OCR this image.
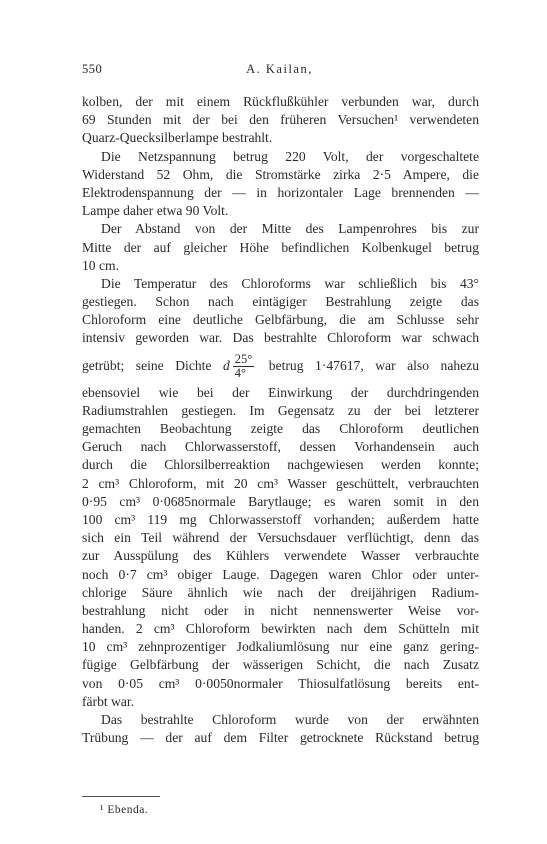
550	A. Kailan,
kolben, der mit einem Rückflußkühler verbunden war, durch
69 Stunden mit der bei den früheren Versuchen¹ verwendeten
Quarz-Quecksilberlampe bestrahlt.
Die Netzspannung betrug 220 Volt, der vorgeschaltete
Widerstand 52 Ohm, die Stromstärke zirka 2·5 Ampere, die
Elektrodenspannung der — in horizontaler Lage brennenden —
Lampe daher etwa 90 Volt.
Der Abstand von der Mitte des Lampenrohres bis zur
Mitte der auf gleicher Höhe befindlichen Kolbenkugel betrug
10 cm.
Die Temperatur des Chloroforms war schließlich bis 43°
gestiegen. Schon nach eintägiger Bestrahlung zeigte das
Chloroform eine deutliche Gelbfärbung, die am Schlusse sehr
intensiv geworden war. Das bestrahlte Chloroform war schwach
getrübt; seine Dichte d $\frac{25^\circ}{4^\circ}$ betrug 1·47617, war also nahezu
ebensoviel wie bei der Einwirkung der durchdringenden
Radiumstrahlen gestiegen. Im Gegensatz zu der bei letzterer
gemachten Beobachtung zeigte das Chloroform deutlichen
Geruch nach Chlorwasserstoff, dessen Vorhandensein auch
durch die Chlorsilberreaktion nachgewiesen werden konnte;
2 cm³ Chloroform, mit 20 cm³ Wasser geschüttelt, verbrauchten
0·95 cm³ 0·0685normale Barytlauge; es waren somit in den
100 cm³ 119 mg Chlorwasserstoff vorhanden; außerdem hatte
sich ein Teil während der Versuchsdauer verflüchtigt, denn das
zur Ausspülung des Kühlers verwendete Wasser verbrauchte
noch 0·7 cm³ obiger Lauge. Dagegen waren Chlor oder unter-
chlorige Säure ähnlich wie nach der dreijährigen Radium-
bestrahlung nicht oder in nicht nennenswerter Weise vor-
handen. 2 cm³ Chloroform bewirkten nach dem Schütteln mit
10 cm³ zehnprozentiger Jodkaliumlösung nur eine ganz gering-
fügige Gelbfärbung der wässerigen Schicht, die nach Zusatz
von 0·05 cm³ 0·0050normaler Thiosulfatlösung bereits ent-
färbt war.
Das bestrahlte Chloroform wurde von der erwähnten
Trübung — der auf dem Filter getrocknete Rückstand betrug
¹ Ebenda.
